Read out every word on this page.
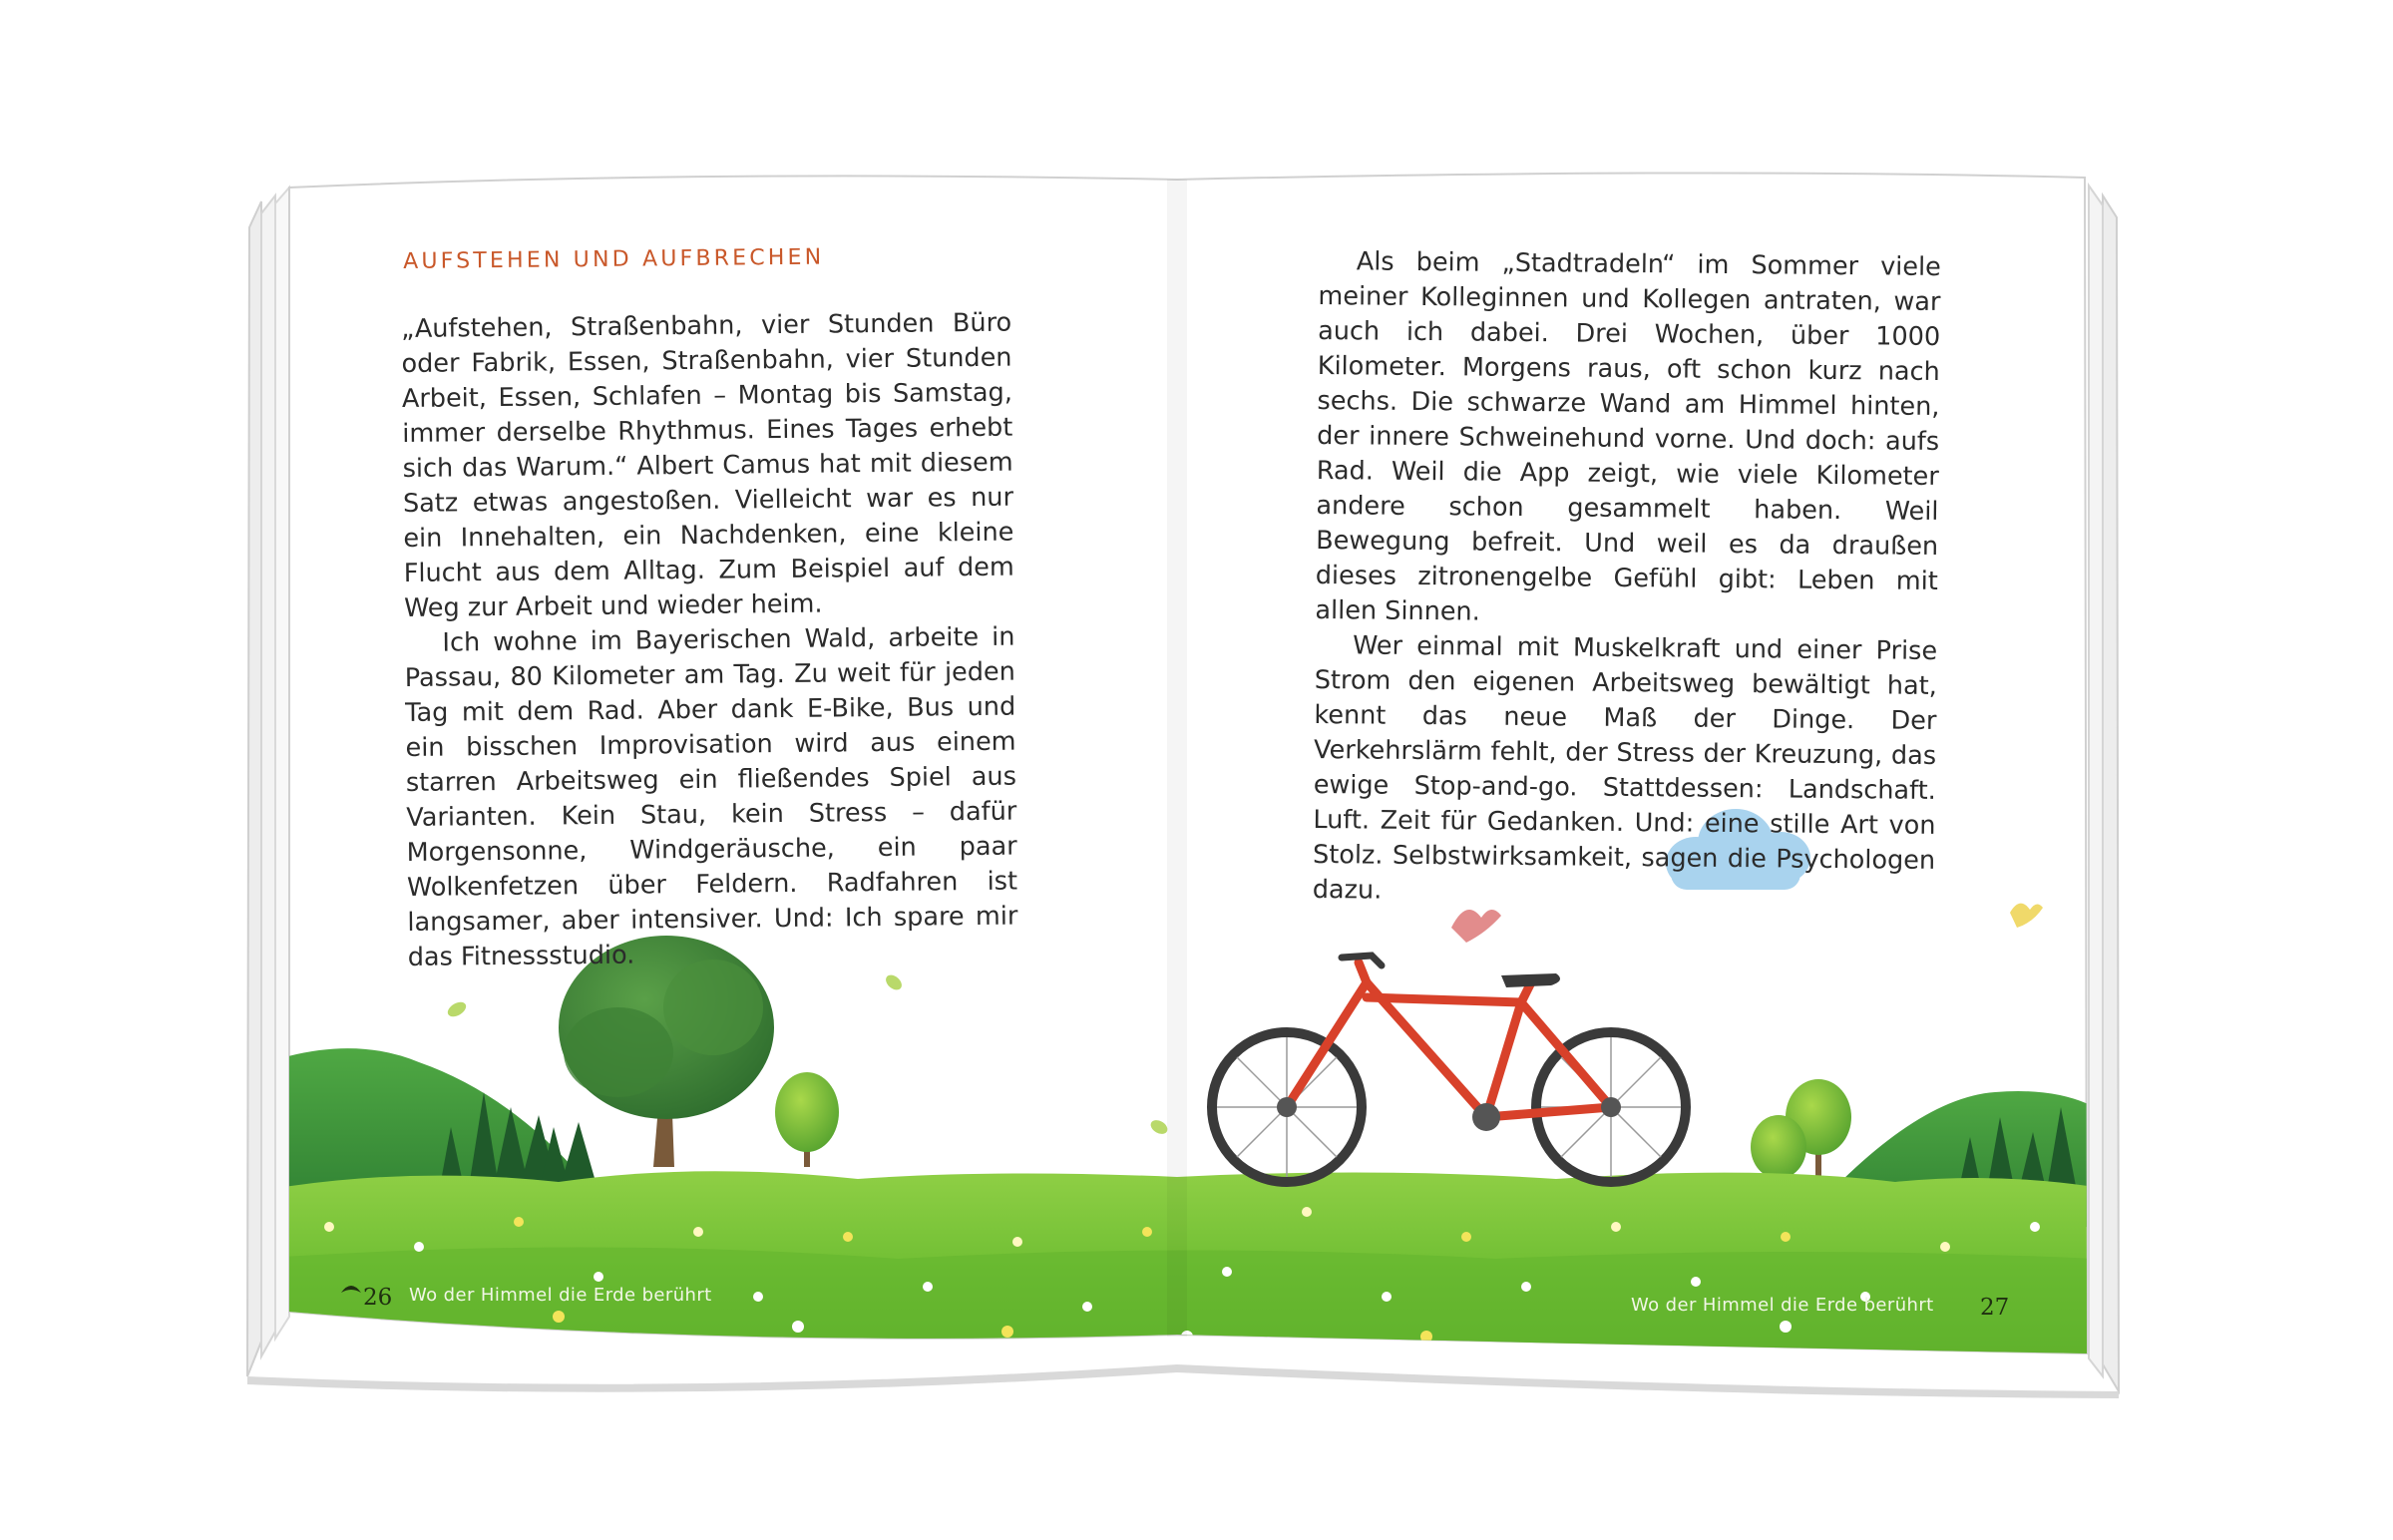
AUFSTEHEN UND AUFBRECHEN

„Aufstehen, Straßenbahn, vier Stunden Büro oder Fabrik, Essen, Straßenbahn, vier Stunden Arbeit, Essen, Schlafen – Montag bis Samstag, immer derselbe Rhythmus. Eines Tages erhebt sich das Warum.“ Albert Camus hat mit diesem Satz etwas angestoßen. Vielleicht war es nur ein Innehalten, ein Nachdenken, eine kleine Flucht aus dem Alltag. Zum Beispiel auf dem Weg zur Arbeit und wieder heim.

Ich wohne im Bayerischen Wald, arbeite in Passau, 80 Kilometer am Tag. Zu weit für jeden Tag mit dem Rad. Aber dank E-Bike, Bus und ein bisschen Improvisation wird aus einem starren Arbeitsweg ein fließendes Spiel aus Varianten. Kein Stau, kein Stress – dafür Morgensonne, Windgeräusche, ein paar Wolkenfetzen über Feldern. Radfahren ist langsamer, aber intensiver. Und: Ich spare mir das Fitnessstudio.

Als beim „Stadtradeln“ im Sommer viele meiner Kolleginnen und Kollegen antraten, war auch ich dabei. Drei Wochen, über 1000 Kilometer. Morgens raus, oft schon kurz nach sechs. Die schwarze Wand am Himmel hinten, der innere Schweinehund vorne. Und doch: aufs Rad. Weil die App zeigt, wie viele Kilometer andere schon gesammelt haben. Weil Bewegung befreit. Und weil es da draußen dieses zitronengelbe Gefühl gibt: Leben mit allen Sinnen.

Wer einmal mit Muskelkraft und einer Prise Strom den eigenen Arbeitsweg bewältigt hat, kennt das neue Maß der Dinge. Der Verkehrslärm fehlt, der Stress der Kreuzung, das ewige Stop-and-go. Stattdessen: Landschaft. Luft. Zeit für Gedanken. Und: eine stille Art von Stolz. Selbstwirksamkeit, sagen die Psychologen dazu.

26 Wo der Himmel die Erde berührt	Wo der Himmel die Erde berührt 27
